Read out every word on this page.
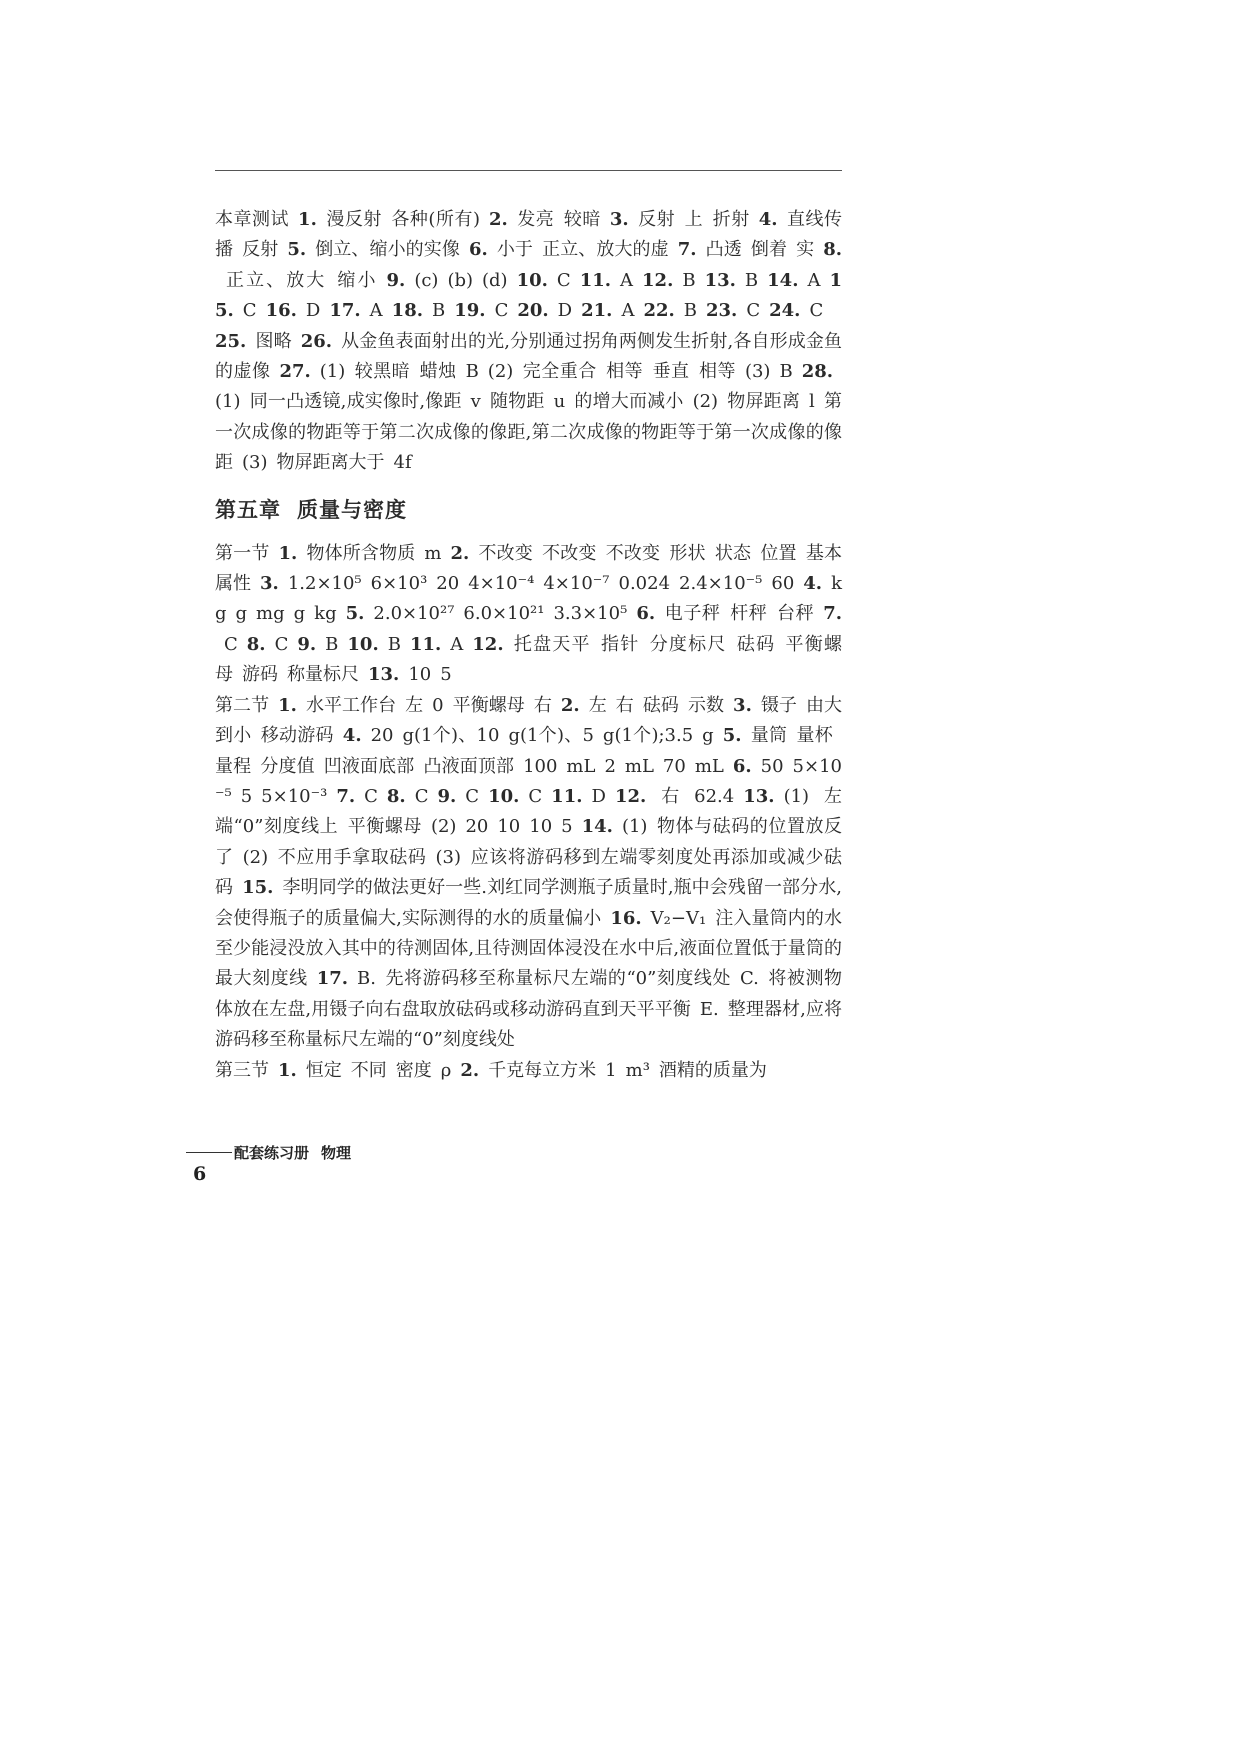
本章测试 1. 漫反射 各种(所有) 2. 发亮 较暗 3. 反射 上 折射 4. 直线传播 反射 5. 倒立、缩小的实像 6. 小于 正立、放大的虚 7. 凸透 倒着 实 8. 正立、放大 缩小 9. (c) (b) (d) 10. C 11. A 12. B 13. B 14. A 15. C 16. D 17. A 18. B 19. C 20. D 21. A 22. B 23. C 24. C 25. 图略 26. 从金鱼表面射出的光,分别通过拐角两侧发生折射,各自形成金鱼的虚像 27. (1) 较黑暗 蜡烛 B (2) 完全重合 相等 垂直 相等 (3) B 28. (1) 同一凸透镜,成实像时,像距 v 随物距 u 的增大而减小 (2) 物屏距离 l 第一次成像的物距等于第二次成像的像距,第二次成像的物距等于第一次成像的像距 (3) 物屏距离大于 4f

第五章 质量与密度

第一节 1. 物体所含物质 m 2. 不改变 不改变 不改变 形状 状态 位置 基本属性 3. 1.2×10⁵ 6×10³ 20 4×10⁻⁴ 4×10⁻⁷ 0.024 2.4×10⁻⁵ 60 4. kg g mg g kg 5. 2.0×10²⁷ 6.0×10²¹ 3.3×10⁵ 6. 电子秤 杆秤 台秤 7. C 8. C 9. B 10. B 11. A 12. 托盘天平 指针 分度标尺 砝码 平衡螺母 游码 称量标尺 13. 10 5

第二节 1. 水平工作台 左 0 平衡螺母 右 2. 左 右 砝码 示数 3. 镊子 由大到小 移动游码 4. 20 g(1个)、10 g(1个)、5 g(1个);3.5 g 5. 量筒 量杯 量程 分度值 凹液面底部 凸液面顶部 100 mL 2 mL 70 mL 6. 50 5×10⁻⁵ 5 5×10⁻³ 7. C 8. C 9. C 10. C 11. D 12. 右 62.4 13. (1) 左端“0”刻度线上 平衡螺母 (2) 20 10 10 5 14. (1) 物体与砝码的位置放反了 (2) 不应用手拿取砝码 (3) 应该将游码移到左端零刻度处再添加或减少砝码 15. 李明同学的做法更好一些.刘红同学测瓶子质量时,瓶中会残留一部分水,会使得瓶子的质量偏大,实际测得的水的质量偏小 16. V₂−V₁ 注入量筒内的水至少能浸没放入其中的待测固体,且待测固体浸没在水中后,液面位置低于量筒的最大刻度线 17. B. 先将游码移至称量标尺左端的“0”刻度线处 C. 将被测物体放在左盘,用镊子向右盘取放砝码或移动游码直到天平平衡 E. 整理器材,应将游码移至称量标尺左端的“0”刻度线处

第三节 1. 恒定 不同 密度 ρ 2. 千克每立方米 1 m³ 酒精的质量为

配套练习册 物理
6
